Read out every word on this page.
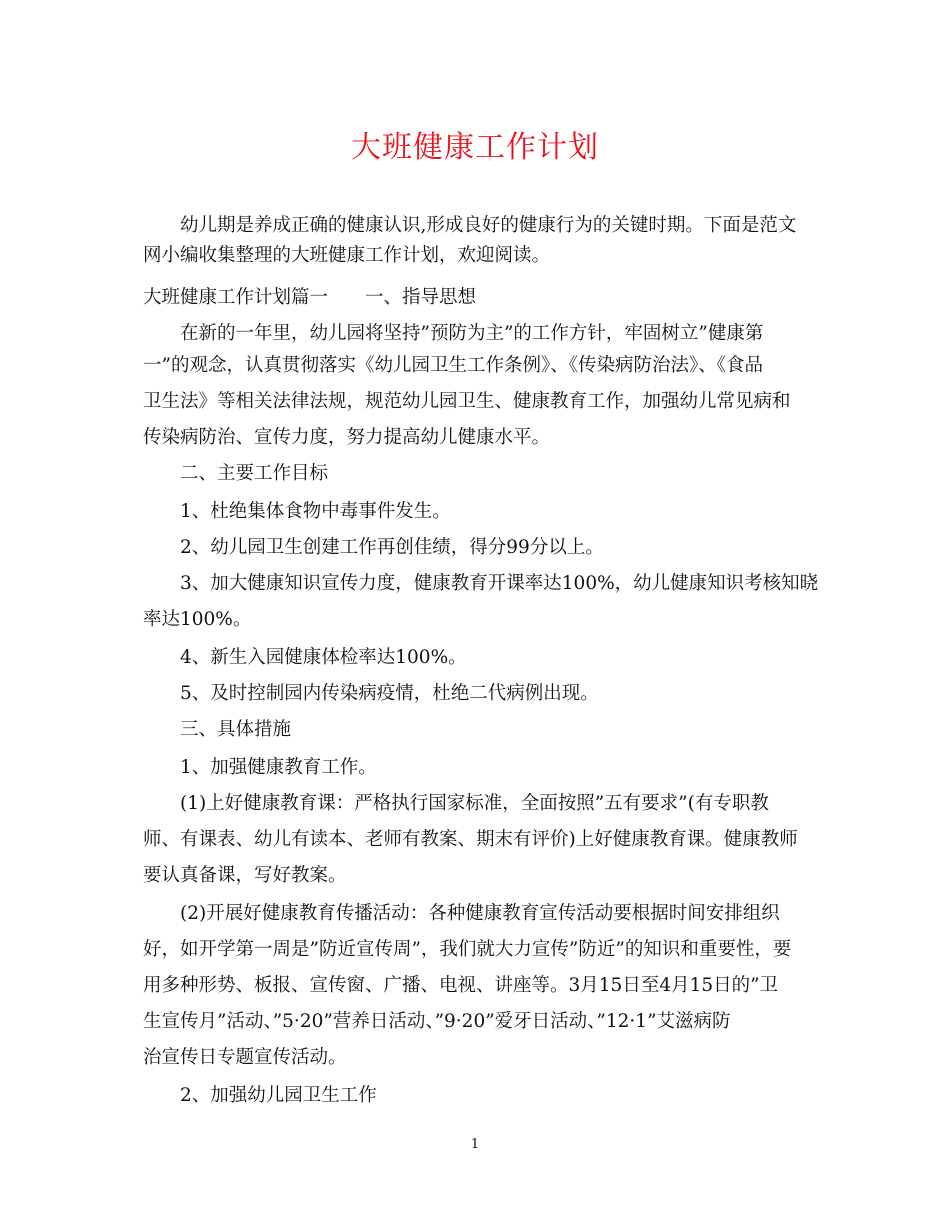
大班健康工作计划
　　幼儿期是养成正确的健康认识,形成良好的健康行为的关键时期。下面是范文
网小编收集整理的大班健康工作计划，欢迎阅读。
大班健康工作计划篇一　　一、指导思想
　　在新的一年里，幼儿园将坚持”预防为主”的工作方针，牢固树立”健康第
一”的观念，认真贯彻落实《幼儿园卫生工作条例》、《传染病防治法》、《食品
卫生法》等相关法律法规，规范幼儿园卫生、健康教育工作，加强幼儿常见病和
传染病防治、宣传力度，努力提高幼儿健康水平。
　　二、主要工作目标
　　1、杜绝集体食物中毒事件发生。
　　2、幼儿园卫生创建工作再创佳绩，得分99分以上。
　　3、加大健康知识宣传力度，健康教育开课率达100%，幼儿健康知识考核知晓
率达100%。
　　4、新生入园健康体检率达100%。
　　5、及时控制园内传染病疫情，杜绝二代病例出现。
　　三、具体措施
　　1、加强健康教育工作。
　　(1)上好健康教育课：严格执行国家标准，全面按照”五有要求”(有专职教
师、有课表、幼儿有读本、老师有教案、期末有评价)上好健康教育课。健康教师
要认真备课，写好教案。
　　(2)开展好健康教育传播活动：各种健康教育宣传活动要根据时间安排组织
好，如开学第一周是”防近宣传周”，我们就大力宣传”防近”的知识和重要性，要
用多种形势、板报、宣传窗、广播、电视、讲座等。3月15日至4月15日的”卫
生宣传月”活动、”5·20”营养日活动、”9·20”爱牙日活动、”12·1”艾滋病防
治宣传日专题宣传活动。
　　2、加强幼儿园卫生工作
1
